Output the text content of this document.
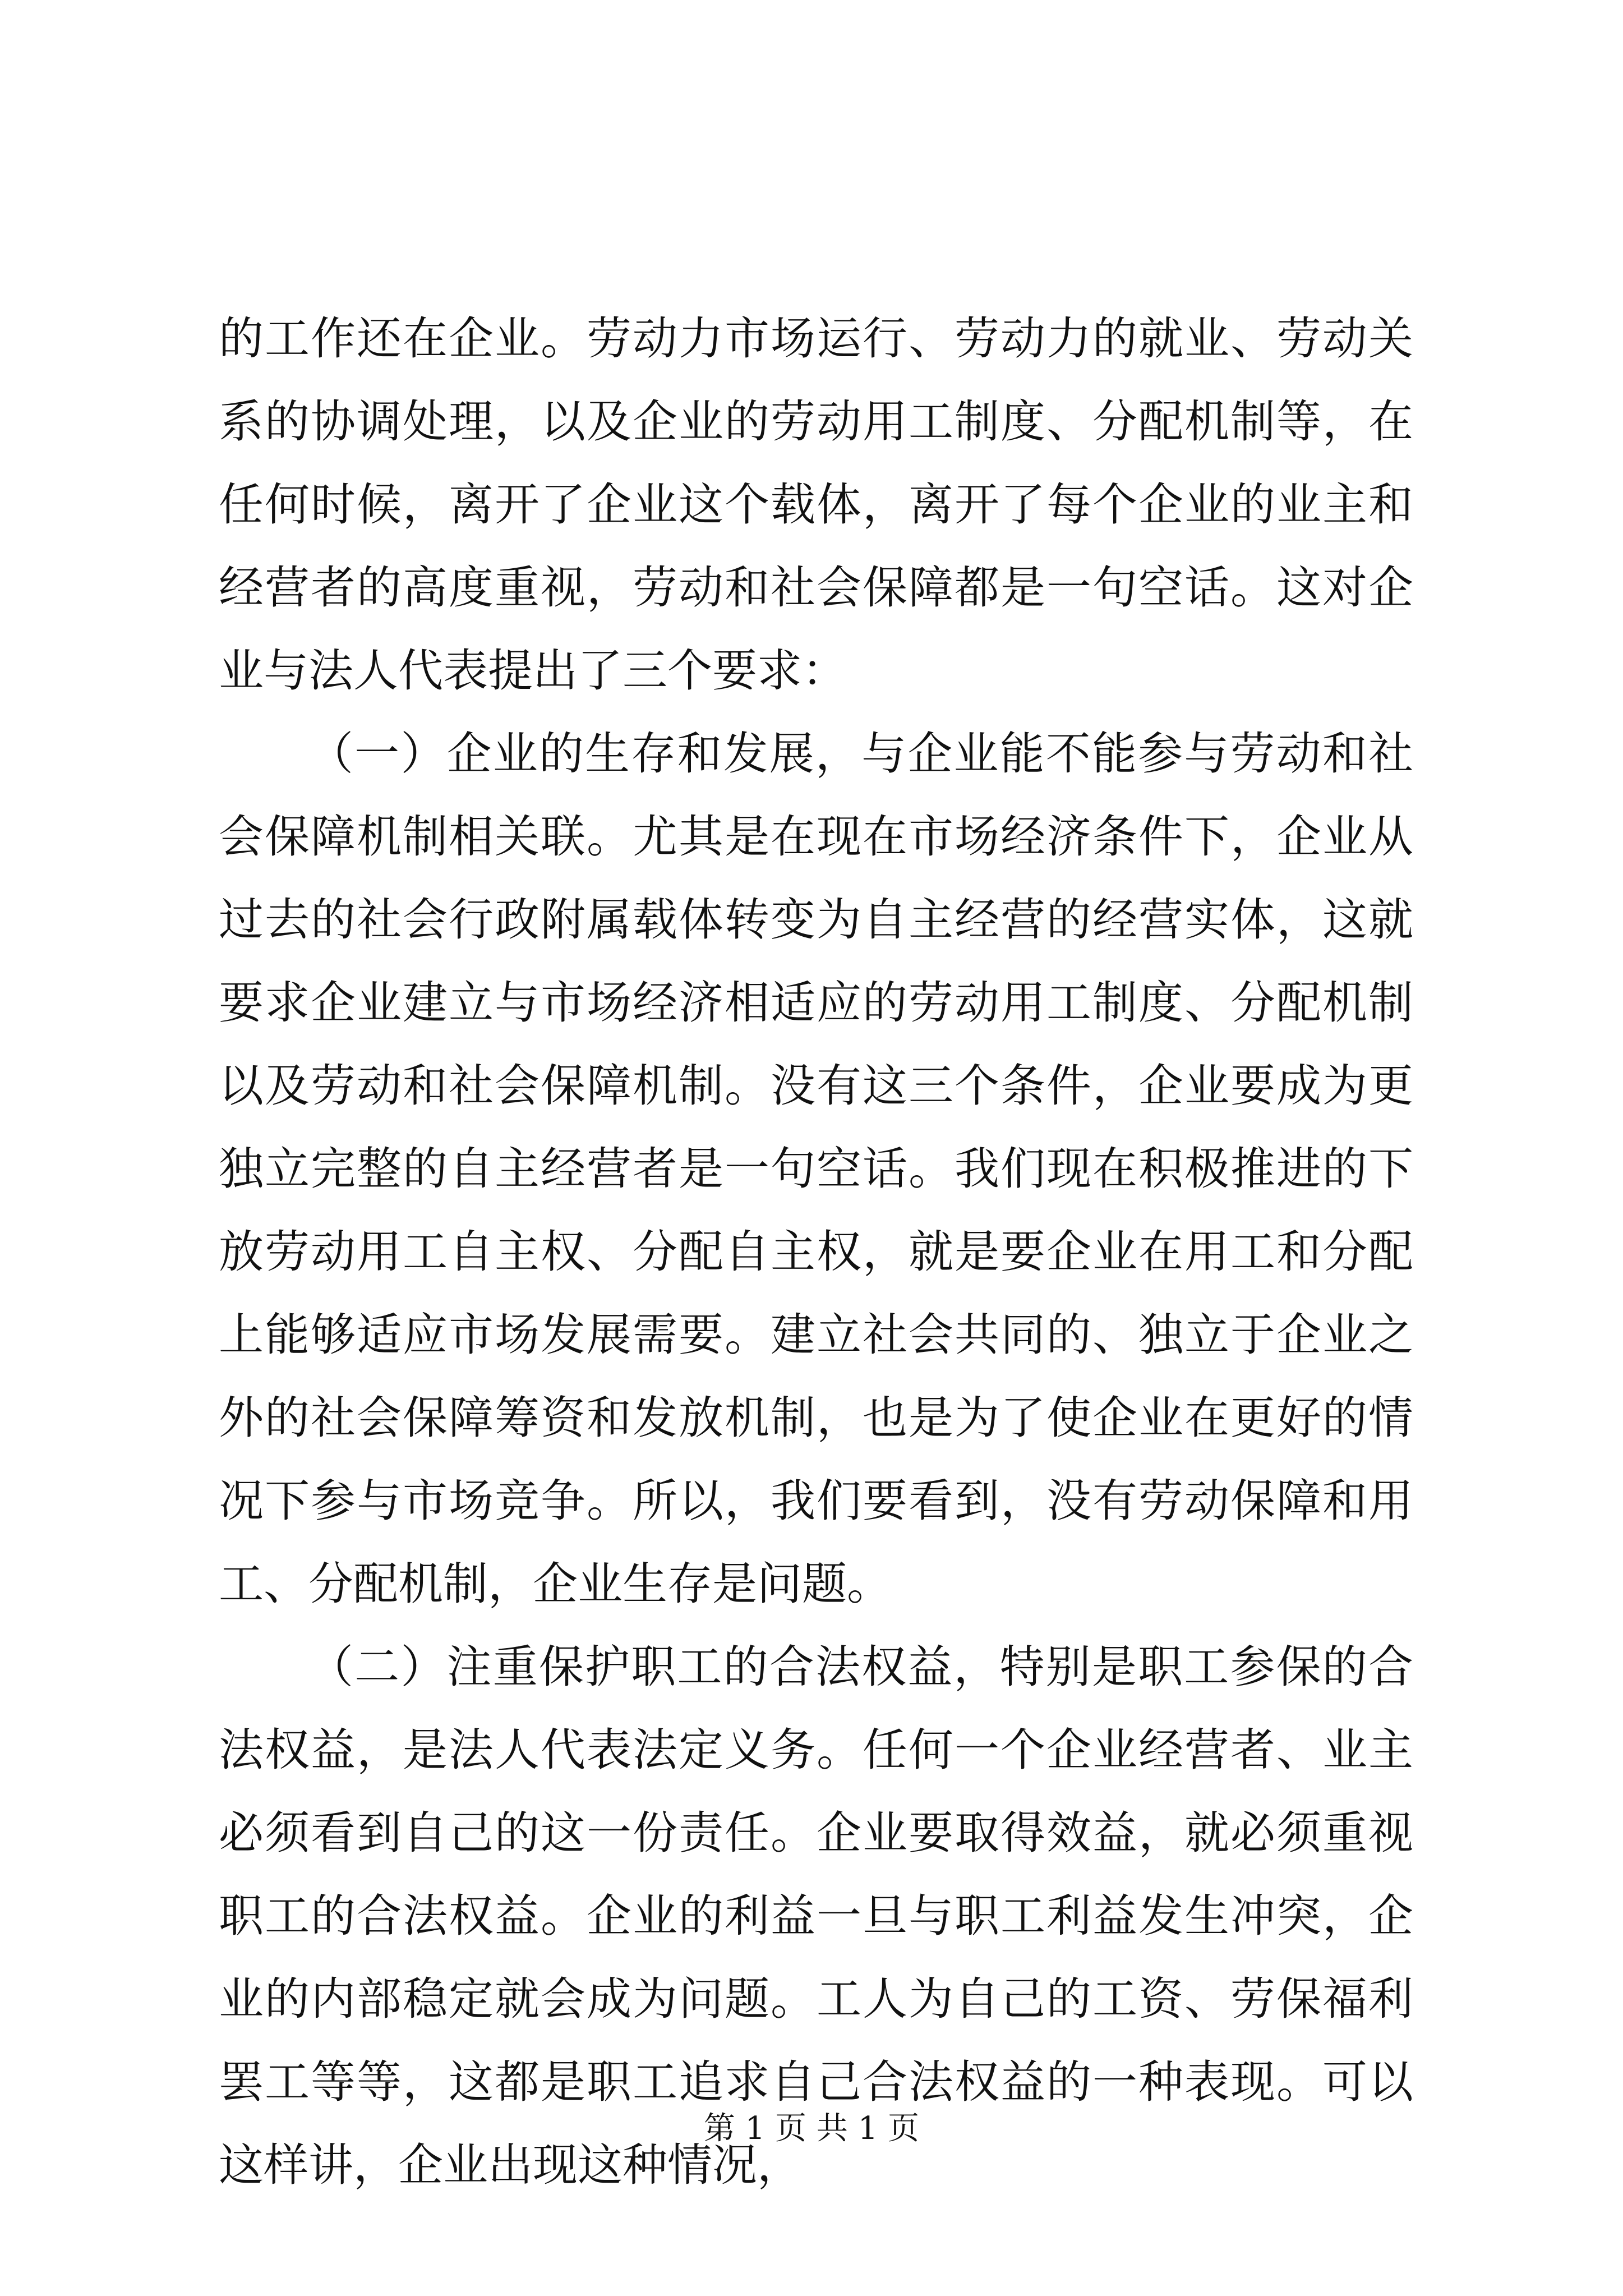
的工作还在企业。劳动力市场运行、劳动力的就业、劳动关系的协调处理，以及企业的劳动用工制度、分配机制等，在任何时候，离开了企业这个载体，离开了每个企业的业主和经营者的高度重视，劳动和社会保障都是一句空话。这对企业与法人代表提出了三个要求：

（一）企业的生存和发展，与企业能不能参与劳动和社会保障机制相关联。尤其是在现在市场经济条件下，企业从过去的社会行政附属载体转变为自主经营的经营实体，这就要求企业建立与市场经济相适应的劳动用工制度、分配机制以及劳动和社会保障机制。没有这三个条件，企业要成为更独立完整的自主经营者是一句空话。我们现在积极推进的下放劳动用工自主权、分配自主权，就是要企业在用工和分配上能够适应市场发展需要。建立社会共同的、独立于企业之外的社会保障筹资和发放机制，也是为了使企业在更好的情况下参与市场竞争。所以，我们要看到，没有劳动保障和用工、分配机制，企业生存是问题。

（二）注重保护职工的合法权益，特别是职工参保的合法权益，是法人代表法定义务。任何一个企业经营者、业主必须看到自己的这一份责任。企业要取得效益，就必须重视职工的合法权益。企业的利益一旦与职工利益发生冲突，企业的内部稳定就会成为问题。工人为自己的工资、劳保福利罢工等等，这都是职工追求自己合法权益的一种表现。可以这样讲，企业出现这种情况，

第 1 页 共 1 页
